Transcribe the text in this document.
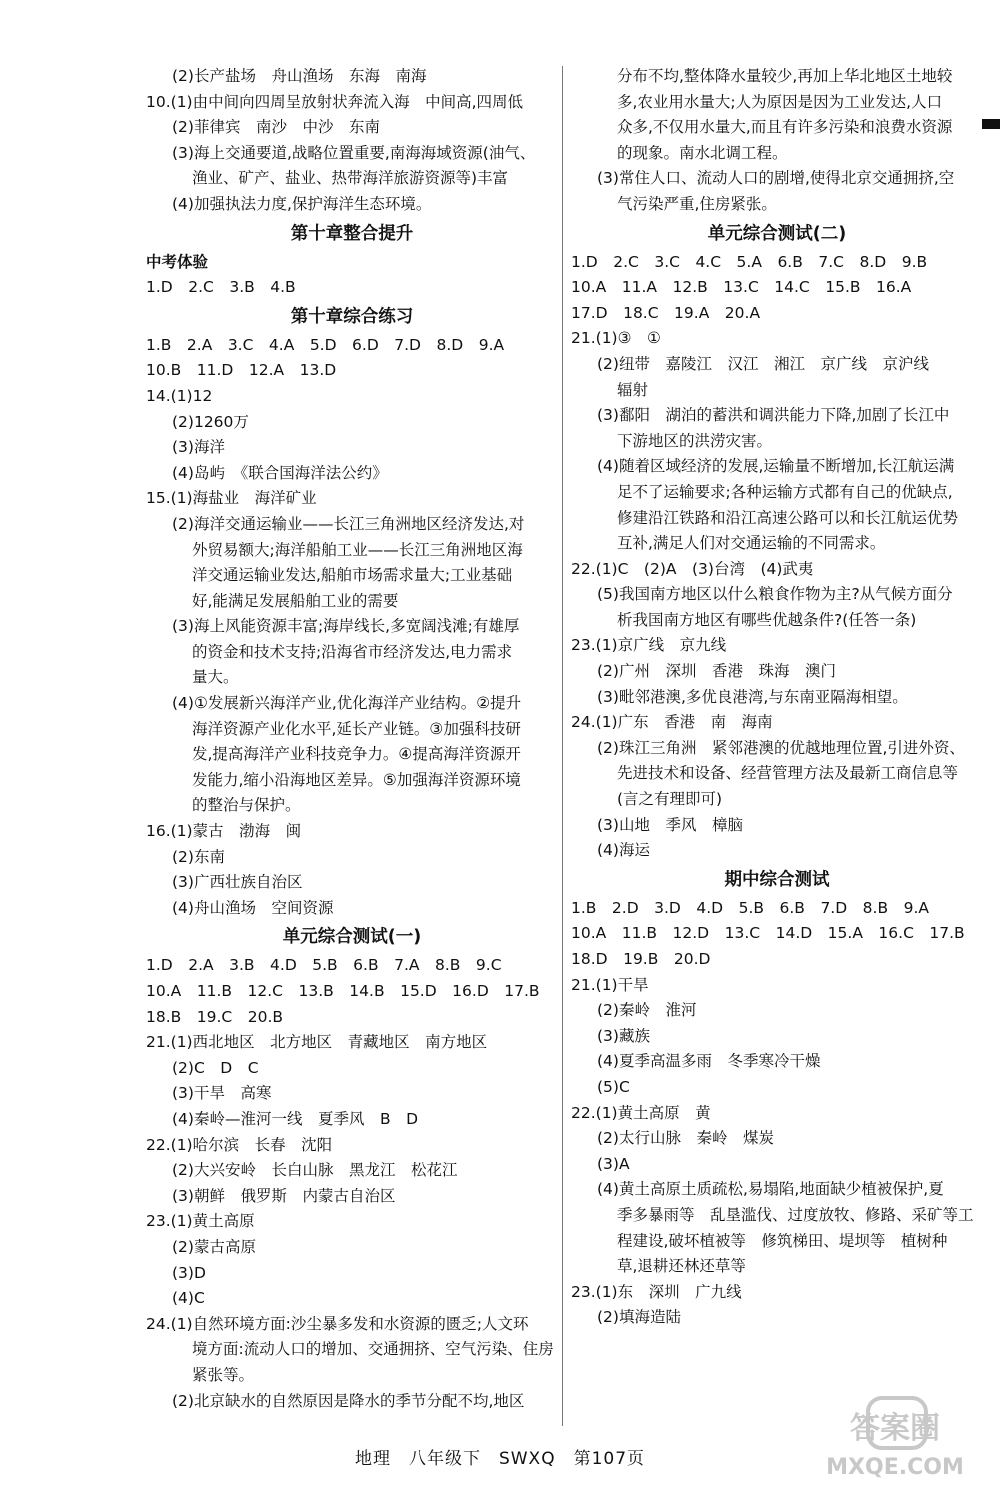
(2)长产盐场　舟山渔场　东海　南海
10.(1)由中间向四周呈放射状奔流入海　中间高,四周低
(2)菲律宾　南沙　中沙　东南
(3)海上交通要道,战略位置重要,南海海域资源(油气、
渔业、矿产、盐业、热带海洋旅游资源等)丰富
(4)加强执法力度,保护海洋生态环境。
第十章整合提升
中考体验
1.D　2.C　3.B　4.B
第十章综合练习
1.B　2.A　3.C　4.A　5.D　6.D　7.D　8.D　9.A
10.B　11.D　12.A　13.D
14.(1)12
(2)1260万
(3)海洋
(4)岛屿　《联合国海洋法公约》
15.(1)海盐业　海洋矿业
(2)海洋交通运输业——长江三角洲地区经济发达,对
外贸易额大;海洋船舶工业——长江三角洲地区海
洋交通运输业发达,船舶市场需求量大;工业基础
好,能满足发展船舶工业的需要
(3)海上风能资源丰富;海岸线长,多宽阔浅滩;有雄厚
的资金和技术支持;沿海省市经济发达,电力需求
量大。
(4)①发展新兴海洋产业,优化海洋产业结构。②提升
海洋资源产业化水平,延长产业链。③加强科技研
发,提高海洋产业科技竞争力。④提高海洋资源开
发能力,缩小沿海地区差异。⑤加强海洋资源环境
的整治与保护。
16.(1)蒙古　渤海　闽
(2)东南
(3)广西壮族自治区
(4)舟山渔场　空间资源
单元综合测试(一)
1.D　2.A　3.B　4.D　5.B　6.B　7.A　8.B　9.C
10.A　11.B　12.C　13.B　14.B　15.D　16.D　17.B
18.B　19.C　20.B
21.(1)西北地区　北方地区　青藏地区　南方地区
(2)C　D　C
(3)干旱　高寒
(4)秦岭—淮河一线　夏季风　B　D
22.(1)哈尔滨　长春　沈阳
(2)大兴安岭　长白山脉　黑龙江　松花江
(3)朝鲜　俄罗斯　内蒙古自治区
23.(1)黄土高原
(2)蒙古高原
(3)D
(4)C
24.(1)自然环境方面:沙尘暴多发和水资源的匮乏;人文环
境方面:流动人口的增加、交通拥挤、空气污染、住房
紧张等。
(2)北京缺水的自然原因是降水的季节分配不均,地区
分布不均,整体降水量较少,再加上华北地区土地较
多,农业用水量大;人为原因是因为工业发达,人口
众多,不仅用水量大,而且有许多污染和浪费水资源
的现象。南水北调工程。
(3)常住人口、流动人口的剧增,使得北京交通拥挤,空
气污染严重,住房紧张。
单元综合测试(二)
1.D　2.C　3.C　4.C　5.A　6.B　7.C　8.D　9.B
10.A　11.A　12.B　13.C　14.C　15.B　16.A
17.D　18.C　19.A　20.A
21.(1)③　①
(2)纽带　嘉陵江　汉江　湘江　京广线　京沪线
辐射
(3)鄱阳　湖泊的蓄洪和调洪能力下降,加剧了长江中
下游地区的洪涝灾害。
(4)随着区域经济的发展,运输量不断增加,长江航运满
足不了运输要求;各种运输方式都有自己的优缺点,
修建沿江铁路和沿江高速公路可以和长江航运优势
互补,满足人们对交通运输的不同需求。
22.(1)C　(2)A　(3)台湾　(4)武夷
(5)我国南方地区以什么粮食作物为主?从气候方面分
析我国南方地区有哪些优越条件?(任答一条)
23.(1)京广线　京九线
(2)广州　深圳　香港　珠海　澳门
(3)毗邻港澳,多优良港湾,与东南亚隔海相望。
24.(1)广东　香港　南　海南
(2)珠江三角洲　紧邻港澳的优越地理位置,引进外资、
先进技术和设备、经营管理方法及最新工商信息等
(言之有理即可)
(3)山地　季风　樟脑
(4)海运
期中综合测试
1.B　2.D　3.D　4.D　5.B　6.B　7.D　8.B　9.A
10.A　11.B　12.D　13.C　14.D　15.A　16.C　17.B
18.D　19.B　20.D
21.(1)干旱
(2)秦岭　淮河
(3)藏族
(4)夏季高温多雨　冬季寒冷干燥
(5)C
22.(1)黄土高原　黄
(2)太行山脉　秦岭　煤炭
(3)A
(4)黄土高原土质疏松,易塌陷,地面缺少植被保护,夏
季多暴雨等　乱垦滥伐、过度放牧、修路、采矿等工
程建设,破坏植被等　修筑梯田、堤坝等　植树种
草,退耕还林还草等
23.(1)东　深圳　广九线
(2)填海造陆
地理　八年级下　SWXQ　第107页
答案圈
MXQE.COM
